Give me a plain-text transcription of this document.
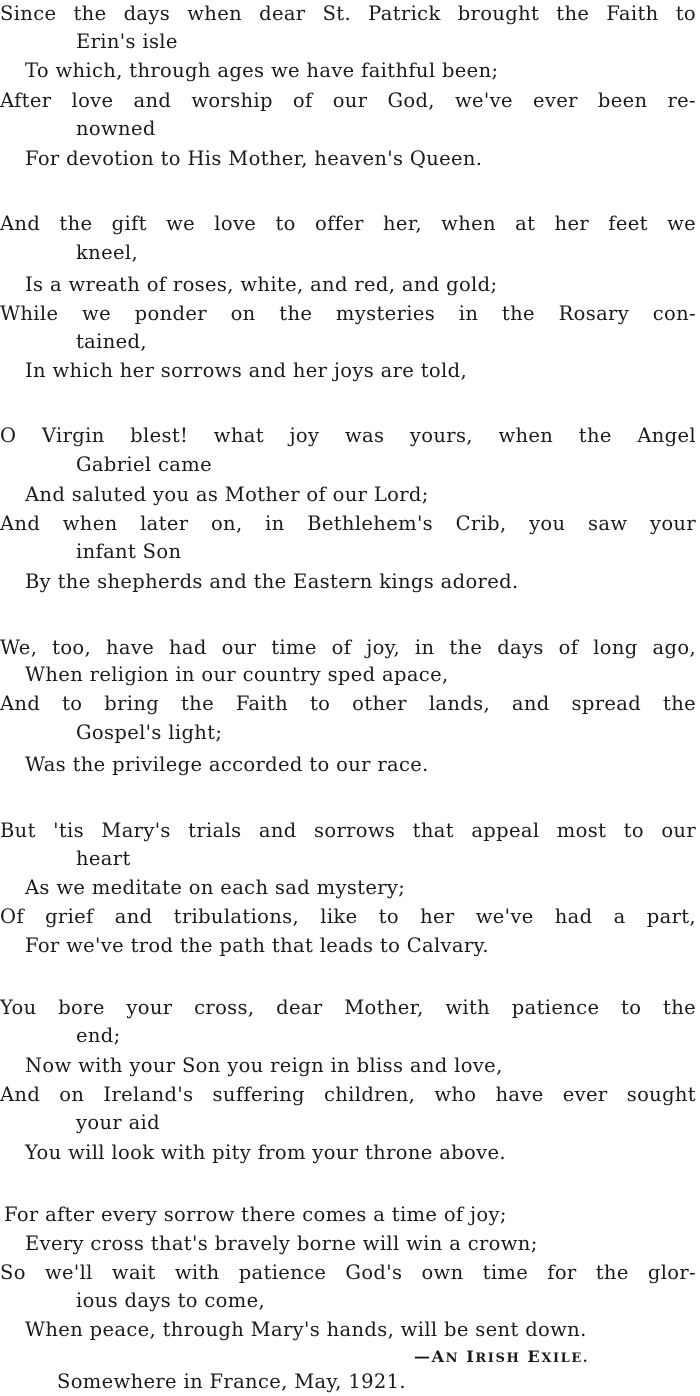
Since the days when dear St. Patrick brought the Faith to
Erin's isle
To which, through ages we have faithful been;
After love and worship of our God, we've ever been re-
nowned
For devotion to His Mother, heaven's Queen.
And the gift we love to offer her, when at her feet we
kneel,
Is a wreath of roses, white, and red, and gold;
While we ponder on the mysteries in the Rosary con-
tained,
In which her sorrows and her joys are told,
O Virgin blest! what joy was yours, when the Angel
Gabriel came
And saluted you as Mother of our Lord;
And when later on, in Bethlehem's Crib, you saw your
infant Son
By the shepherds and the Eastern kings adored.
We, too, have had our time of joy, in the days of long ago,
When religion in our country sped apace,
And to bring the Faith to other lands, and spread the
Gospel's light;
Was the privilege accorded to our race.
But 'tis Mary's trials and sorrows that appeal most to our
heart
As we meditate on each sad mystery;
Of grief and tribulations, like to her we've had a part,
For we've trod the path that leads to Calvary.
You bore your cross, dear Mother, with patience to the
end;
Now with your Son you reign in bliss and love,
And on Ireland's suffering children, who have ever sought
your aid
You will look with pity from your throne above.
For after every sorrow there comes a time of joy;
Every cross that's bravely borne will win a crown;
So we'll wait with patience God's own time for the glor-
ious days to come,
When peace, through Mary's hands, will be sent down.
—AN IRISH EXILE.
Somewhere in France, May, 1921.
